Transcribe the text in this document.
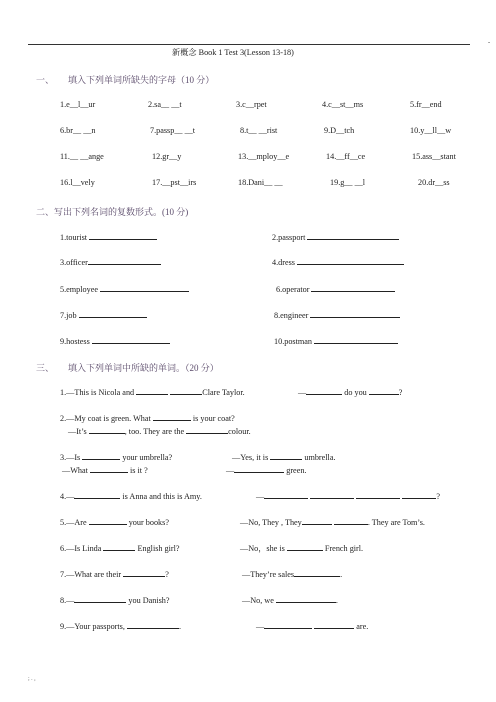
.
新概念 Book 1 Test 3(Lesson 13-18)
一、 填入下列单词所缺失的字母（10 分）
1.e__l__ur	2.sa__ __t	3.c__rpet	4.c__st__ms	5.fr__end
6.br__ __n	7.passp__ __t	8.t__ __rist	9.D__tch	10.y__ll__w
11.__ __ange	12.gr__y	13.__mploy__e	14.__ff__ce	15.ass__stant
16.l__vely	17.__pst__irs	18.Dani__ __	19.g__ __l	20.dr__ss
二、写出下列名词的复数形式。(10 分)
1.tourist	2.passport
3.officer	4.dress
5.employee	6.operator
7.job	8.engineer
9.hostess	10.postman
三、 填入下列单词中所缺的单词。（20 分）
1.—This is Nicola and	Clare Taylor.	—	do you	?
2.—My coat is green. What	is your coat?
—It’s	, too. They are the	colour.
3.—Is	your umbrella?	—Yes, it is	umbrella.
—What	is it ?	—	green.
4.—	is Anna and this is Amy.	—	?
5.—Are	your books?	—No, They , They	. They are Tom’s.
6.—Is Linda	English girl?	—No，she is	French girl.
7.—What are their	?	—They’re sales	.
8.—	you Danish?	—No, we	.
9.—Your passports,	.	—	are.
; . ,
